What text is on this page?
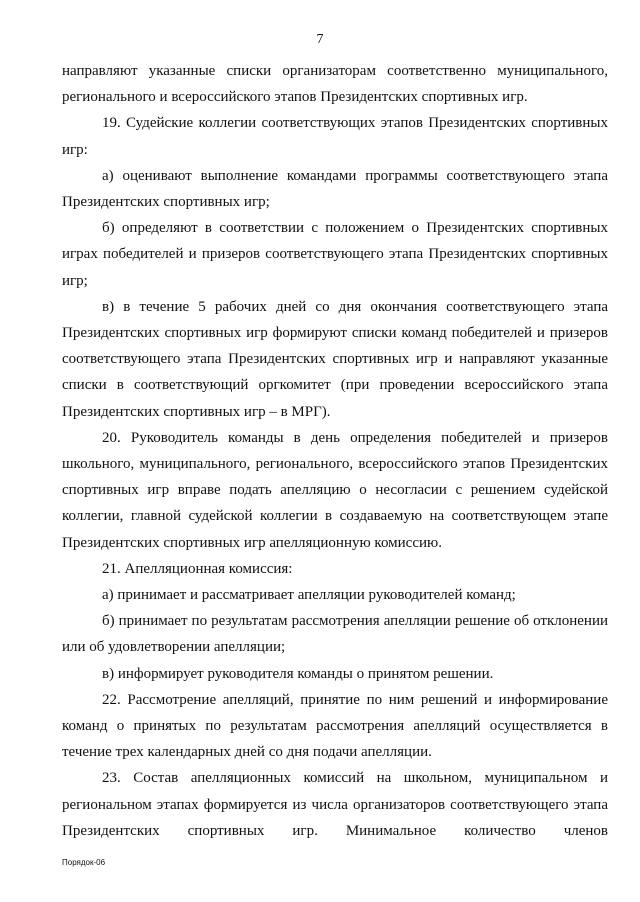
7

направляют указанные списки организаторам соответственно муниципального, регионального и всероссийского этапов Президентских спортивных игр.

19. Судейские коллегии соответствующих этапов Президентских спортивных игр:

а) оценивают выполнение командами программы соответствующего этапа Президентских спортивных игр;

б) определяют в соответствии с положением о Президентских спортивных играх победителей и призеров соответствующего этапа Президентских спортивных игр;

в) в течение 5 рабочих дней со дня окончания соответствующего этапа Президентских спортивных игр формируют списки команд победителей и призеров соответствующего этапа Президентских спортивных игр и направляют указанные списки в соответствующий оргкомитет (при проведении всероссийского этапа Президентских спортивных игр – в МРГ).

20. Руководитель команды в день определения победителей и призеров школьного, муниципального, регионального, всероссийского этапов Президентских спортивных игр вправе подать апелляцию о несогласии с решением судейской коллегии, главной судейской коллегии в создаваемую на соответствующем этапе Президентских спортивных игр апелляционную комиссию.

21. Апелляционная комиссия:

а) принимает и рассматривает апелляции руководителей команд;

б) принимает по результатам рассмотрения апелляции решение об отклонении или об удовлетворении апелляции;

в) информирует руководителя команды о принятом решении.

22. Рассмотрение апелляций, принятие по ним решений и информирование команд о принятых по результатам рассмотрения апелляций осуществляется в течение трех календарных дней со дня подачи апелляции.

23. Состав апелляционных комиссий на школьном, муниципальном и региональном этапах формируется из числа организаторов соответствующего этапа Президентских спортивных игр. Минимальное количество членов

Порядок-06
